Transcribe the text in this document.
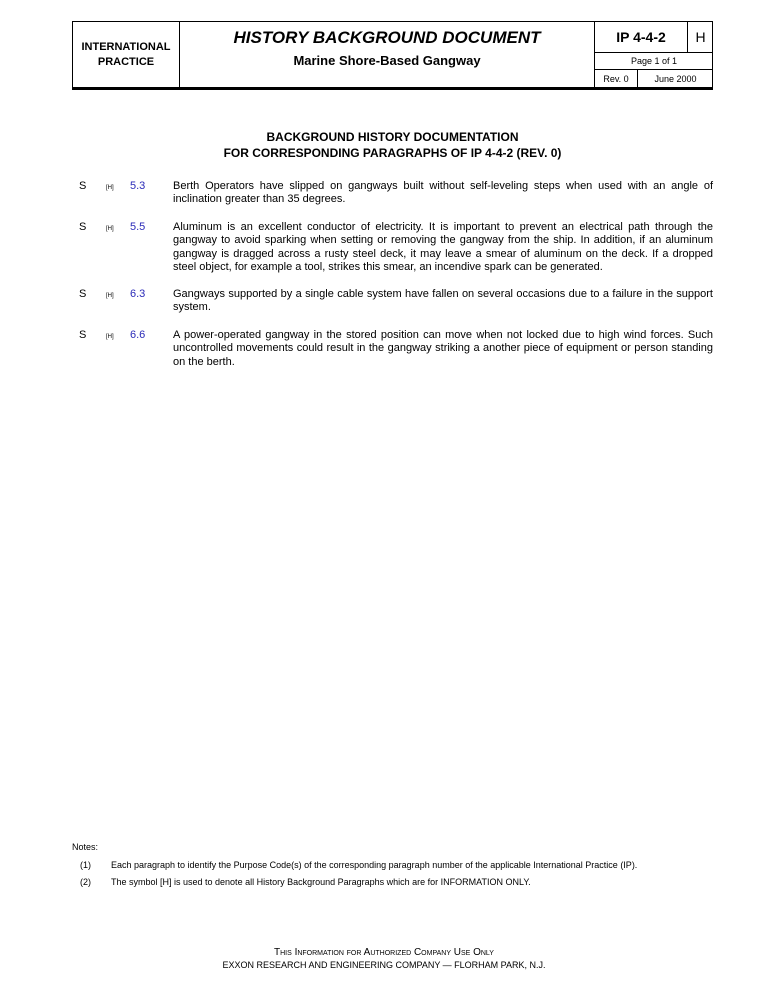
INTERNATIONAL
PRACTICE
HISTORY BACKGROUND DOCUMENT
Marine Shore-Based Gangway
IP 4-4-2	H
Page 1 of 1
Rev. 0	June 2000
BACKGROUND HISTORY DOCUMENTATION
FOR CORRESPONDING PARAGRAPHS OF IP 4-4-2 (REV. 0)
S	[H] 5.3	Berth Operators have slipped on gangways built without self-leveling steps when used with an angle of inclination greater than 35 degrees.
S	[H] 5.5	Aluminum is an excellent conductor of electricity. It is important to prevent an electrical path through the gangway to avoid sparking when setting or removing the gangway from the ship. In addition, if an aluminum gangway is dragged across a rusty steel deck, it may leave a smear of aluminum on the deck. If a dropped steel object, for example a tool, strikes this smear, an incendive spark can be generated.
S	[H] 6.3	Gangways supported by a single cable system have fallen on several occasions due to a failure in the support system.
S	[H] 6.6	A power-operated gangway in the stored position can move when not locked due to high wind forces. Such uncontrolled movements could result in the gangway striking a another piece of equipment or person standing on the berth.
Notes:
(1) Each paragraph to identify the Purpose Code(s) of the corresponding paragraph number of the applicable International Practice (IP).
(2) The symbol [H] is used to denote all History Background Paragraphs which are for INFORMATION ONLY.
This Information for Authorized Company Use Only
EXXON RESEARCH AND ENGINEERING COMPANY — FLORHAM PARK, N.J.
